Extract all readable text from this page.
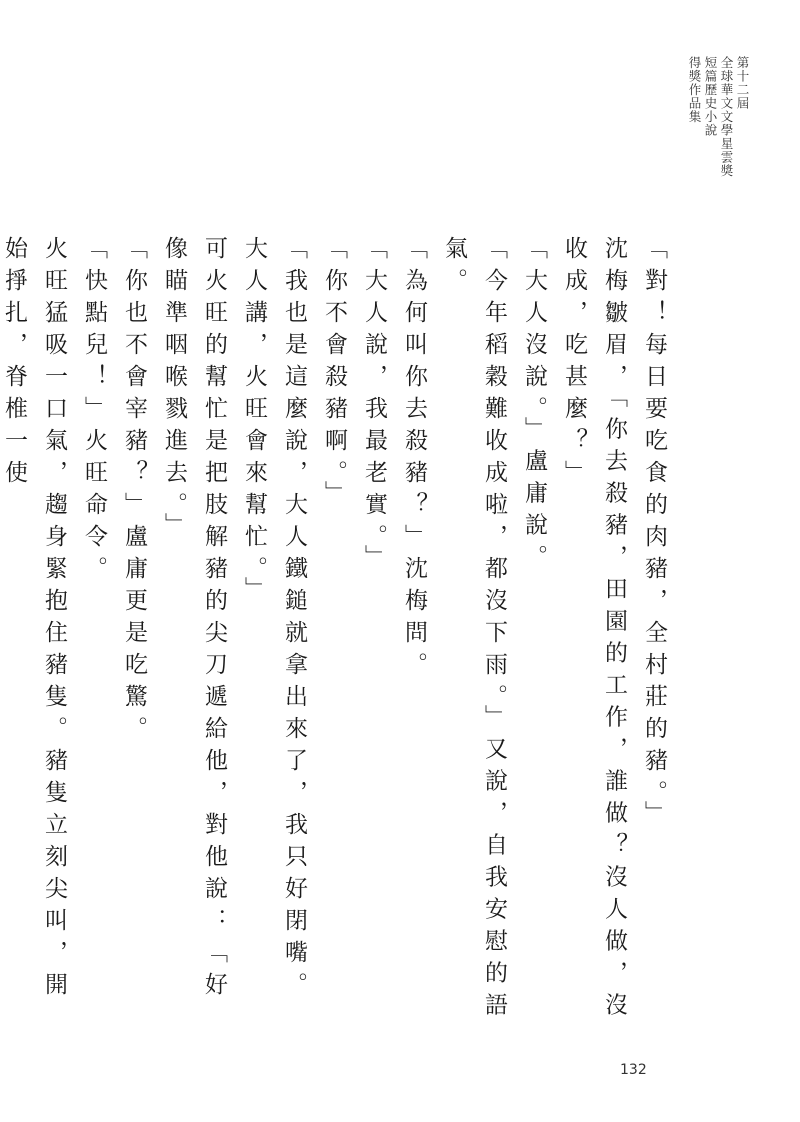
第十二屆
全球華文文學星雲獎
短篇歷史小說
得獎作品集

「對！每日要吃食的肉豬，全村莊的豬。」

沈梅皺眉，「你去殺豬，田園的工作，誰做？沒人做，沒收成，吃甚麼？」

「大人沒說。」盧庸說。

「今年稻穀難收成啦，都沒下雨。」又說，自我安慰的語氣。

「為何叫你去殺豬？」沈梅問。

「大人說，我最老實。」

「你不會殺豬啊。」

「我也是這麼說，大人鐵鎚就拿出來了，我只好閉嘴。大人講，火旺會來幫忙。」

可火旺的幫忙是把肢解豬的尖刀遞給他，對他說：「好像瞄準咽喉戮進去。」

「你也不會宰豬？」盧庸更是吃驚。

「快點兒！」火旺命令。

火旺猛吸一口氣，趨身緊抱住豬隻。豬隻立刻尖叫，開始掙扎，脊椎一使

132
